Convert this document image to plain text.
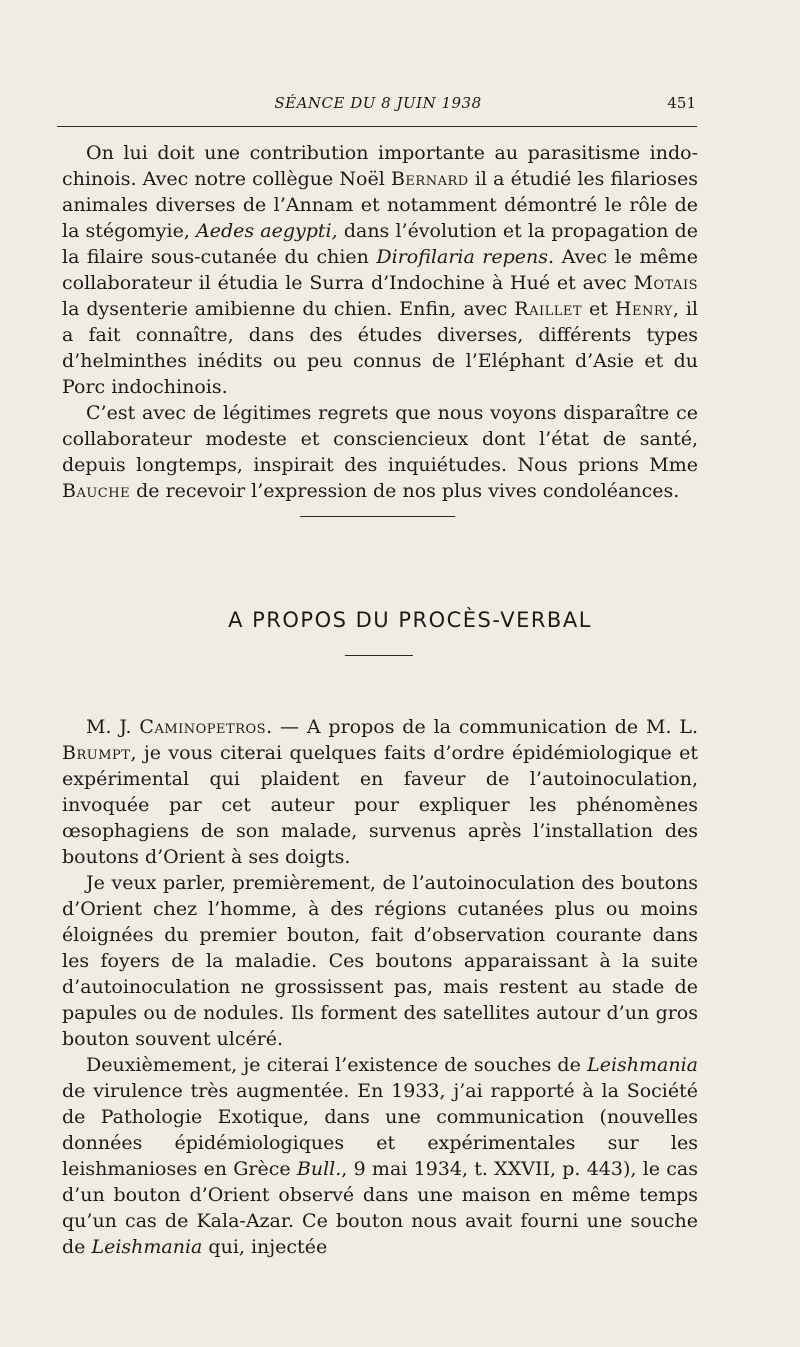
SÉANCE DU 8 JUIN 1938	451

On lui doit une contribution importante au parasitisme indo-chinois. Avec notre collègue Noël Bernard il a étudié les filarioses animales diverses de l’Annam et notamment démontré le rôle de la stégomyie, Aedes aegypti, dans l’évolution et la propagation de la filaire sous-cutanée du chien Dirofilaria repens. Avec le même collaborateur il étudia le Surra d’Indochine à Hué et avec Motais la dysenterie amibienne du chien. Enfin, avec Raillet et Henry, il a fait connaître, dans des études diverses, différents types d’helminthes inédits ou peu connus de l’Eléphant d’Asie et du Porc indochinois.

C’est avec de légitimes regrets que nous voyons disparaître ce collaborateur modeste et consciencieux dont l’état de santé, depuis longtemps, inspirait des inquiétudes. Nous prions Mme Bauche de recevoir l’expression de nos plus vives condoléances.

A PROPOS DU PROCÈS-VERBAL

M. J. Caminopetros. — A propos de la communication de M. L. Brumpt, je vous citerai quelques faits d’ordre épidémiologique et expérimental qui plaident en faveur de l’autoinoculation, invoquée par cet auteur pour expliquer les phénomènes œsophagiens de son malade, survenus après l’installation des boutons d’Orient à ses doigts.

Je veux parler, premièrement, de l’autoinoculation des boutons d’Orient chez l’homme, à des régions cutanées plus ou moins éloignées du premier bouton, fait d’observation courante dans les foyers de la maladie. Ces boutons apparaissant à la suite d’autoinoculation ne grossissent pas, mais restent au stade de papules ou de nodules. Ils forment des satellites autour d’un gros bouton souvent ulcéré.

Deuxièmement, je citerai l’existence de souches de Leishmania de virulence très augmentée. En 1933, j’ai rapporté à la Société de Pathologie Exotique, dans une communication (nouvelles données épidémiologiques et expérimentales sur les leishmanioses en Grèce Bull., 9 mai 1934, t. XXVII, p. 443), le cas d’un bouton d’Orient observé dans une maison en même temps qu’un cas de Kala-Azar. Ce bouton nous avait fourni une souche de Leishmania qui, injectée
